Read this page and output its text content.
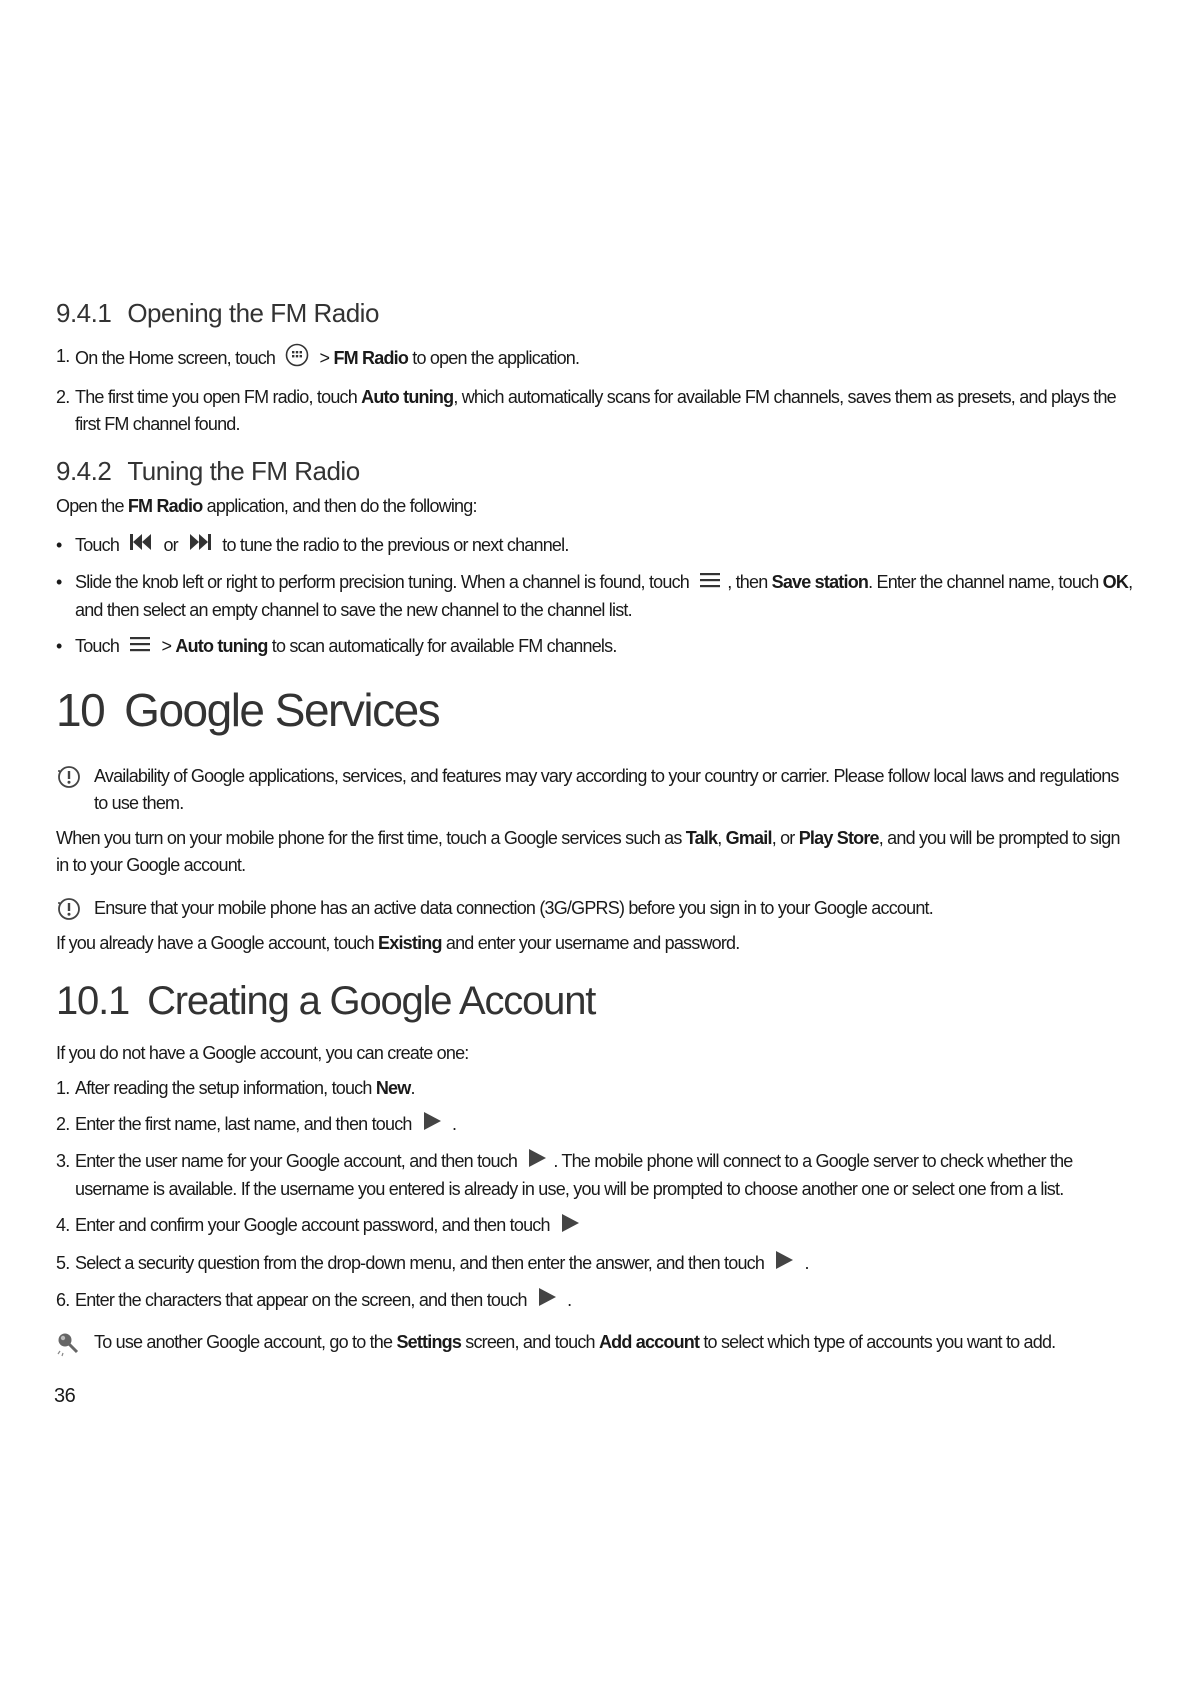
9.4.1 Opening the FM Radio
1. On the Home screen, touch > FM Radio to open the application.
2. The first time you open FM radio, touch Auto tuning, which automatically scans for available FM channels, saves them as presets, and plays the first FM channel found.
9.4.2 Tuning the FM Radio

Open the FM Radio application, and then do the following:

• Touch or to tune the radio to the previous or next channel.
• Slide the knob left or right to perform precision tuning. When a channel is found, touch , then Save station. Enter the channel name, touch OK, and then select an empty channel to save the new channel to the channel list.
• Touch > Auto tuning to scan automatically for available FM channels.
10 Google Services
Availability of Google applications, services, and features may vary according to your country or carrier. Please follow local laws and regulations to use them.

When you turn on your mobile phone for the first time, touch a Google services such as Talk, Gmail, or Play Store, and you will be prompted to sign in to your Google account.

Ensure that your mobile phone has an active data connection (3G/GPRS) before you sign in to your Google account.

If you already have a Google account, touch Existing and enter your username and password.

10.1 Creating a Google Account

If you do not have a Google account, you can create one:

1. After reading the setup information, touch New.
2. Enter the first name, last name, and then touch .
3. Enter the user name for your Google account, and then touch . The mobile phone will connect to a Google server to check whether the username is available. If the username you entered is already in use, you will be prompted to choose another one or select one from a list.
4. Enter and confirm your Google account password, and then touch
5. Select a security question from the drop-down menu, and then enter the answer, and then touch .
6. Enter the characters that appear on the screen, and then touch .
To use another Google account, go to the Settings screen, and touch Add account to select which type of accounts you want to add.
36
